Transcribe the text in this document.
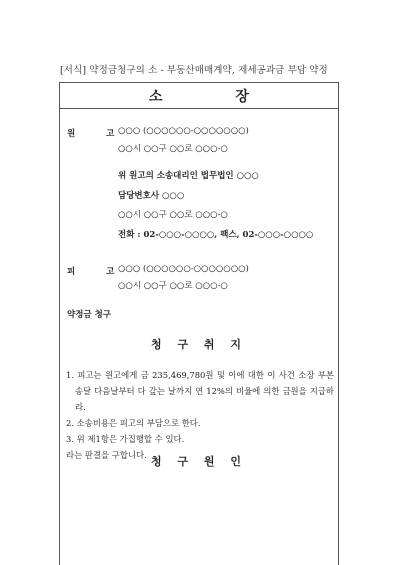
[서식] 약정금청구의 소 - 부동산매매계약, 제세공과금 부담 약정
소 장
원 고
○○○ (○○○○○○-○○○○○○○)
○○시 ○○구 ○○로 ○○○-○
위 원고의 소송대리인 법무법인 ○○○
담당변호사 ○○○
○○시 ○○구 ○○로 ○○○-○
전화 : 02-○○○-○○○○, 팩스, 02-○○○-○○○○
피 고
○○○ (○○○○○○-○○○○○○○)
○○시 ○○구 ○○로 ○○○-○
약정금 청구
청 구 취 지

1. 피고는 원고에게 금 235,469,780원 및 이에 대한 이 사건 소장 부본 송달 다음날부터 다 갚는 날까지 연 12%의 비율에 의한 금원을 지급하라.

2. 소송비용은 피고의 부담으로 한다.

3. 위 제1항은 가집행할 수 있다.

라는 판결을 구합니다. 청 구 원 인
